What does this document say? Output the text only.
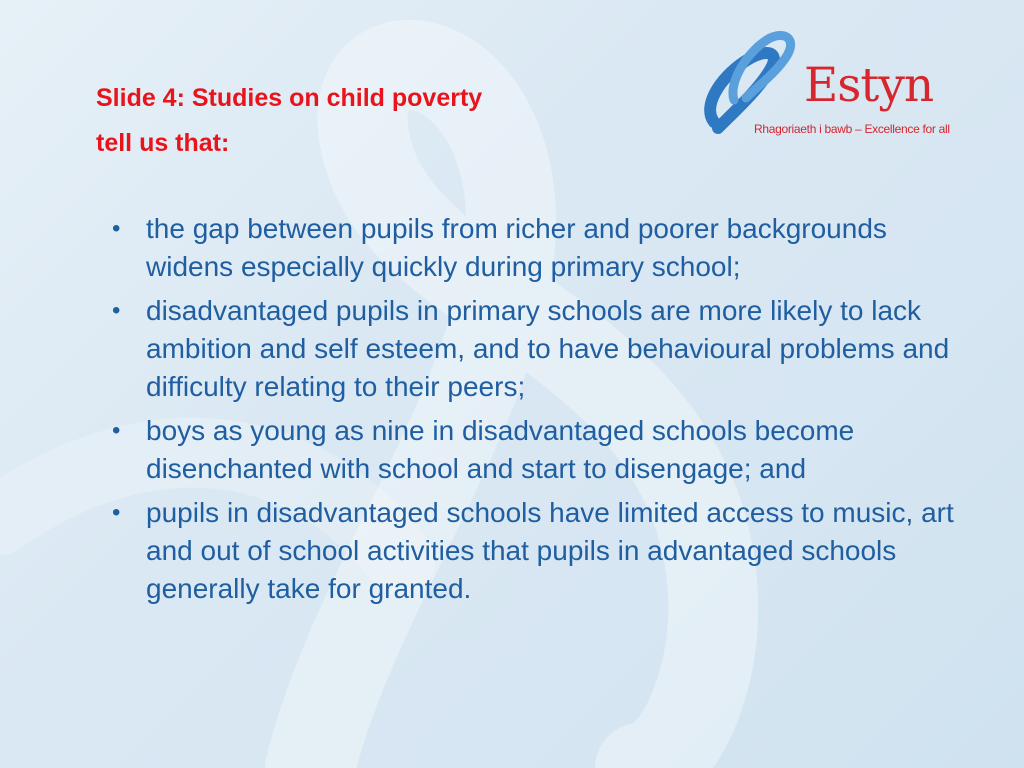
Slide 4: Studies on child poverty
tell us that:
Estyn
Rhagoriaeth i bawb – Excellence for all
• the gap between pupils from richer and poorer backgrounds widens especially quickly during primary school;
• disadvantaged pupils in primary schools are more likely to lack ambition and self esteem, and to have behavioural problems and difficulty relating to their peers;
• boys as young as nine in disadvantaged schools become disenchanted with school and start to disengage; and
• pupils in disadvantaged schools have limited access to music, art and out of school activities that pupils in advantaged schools generally take for granted.
